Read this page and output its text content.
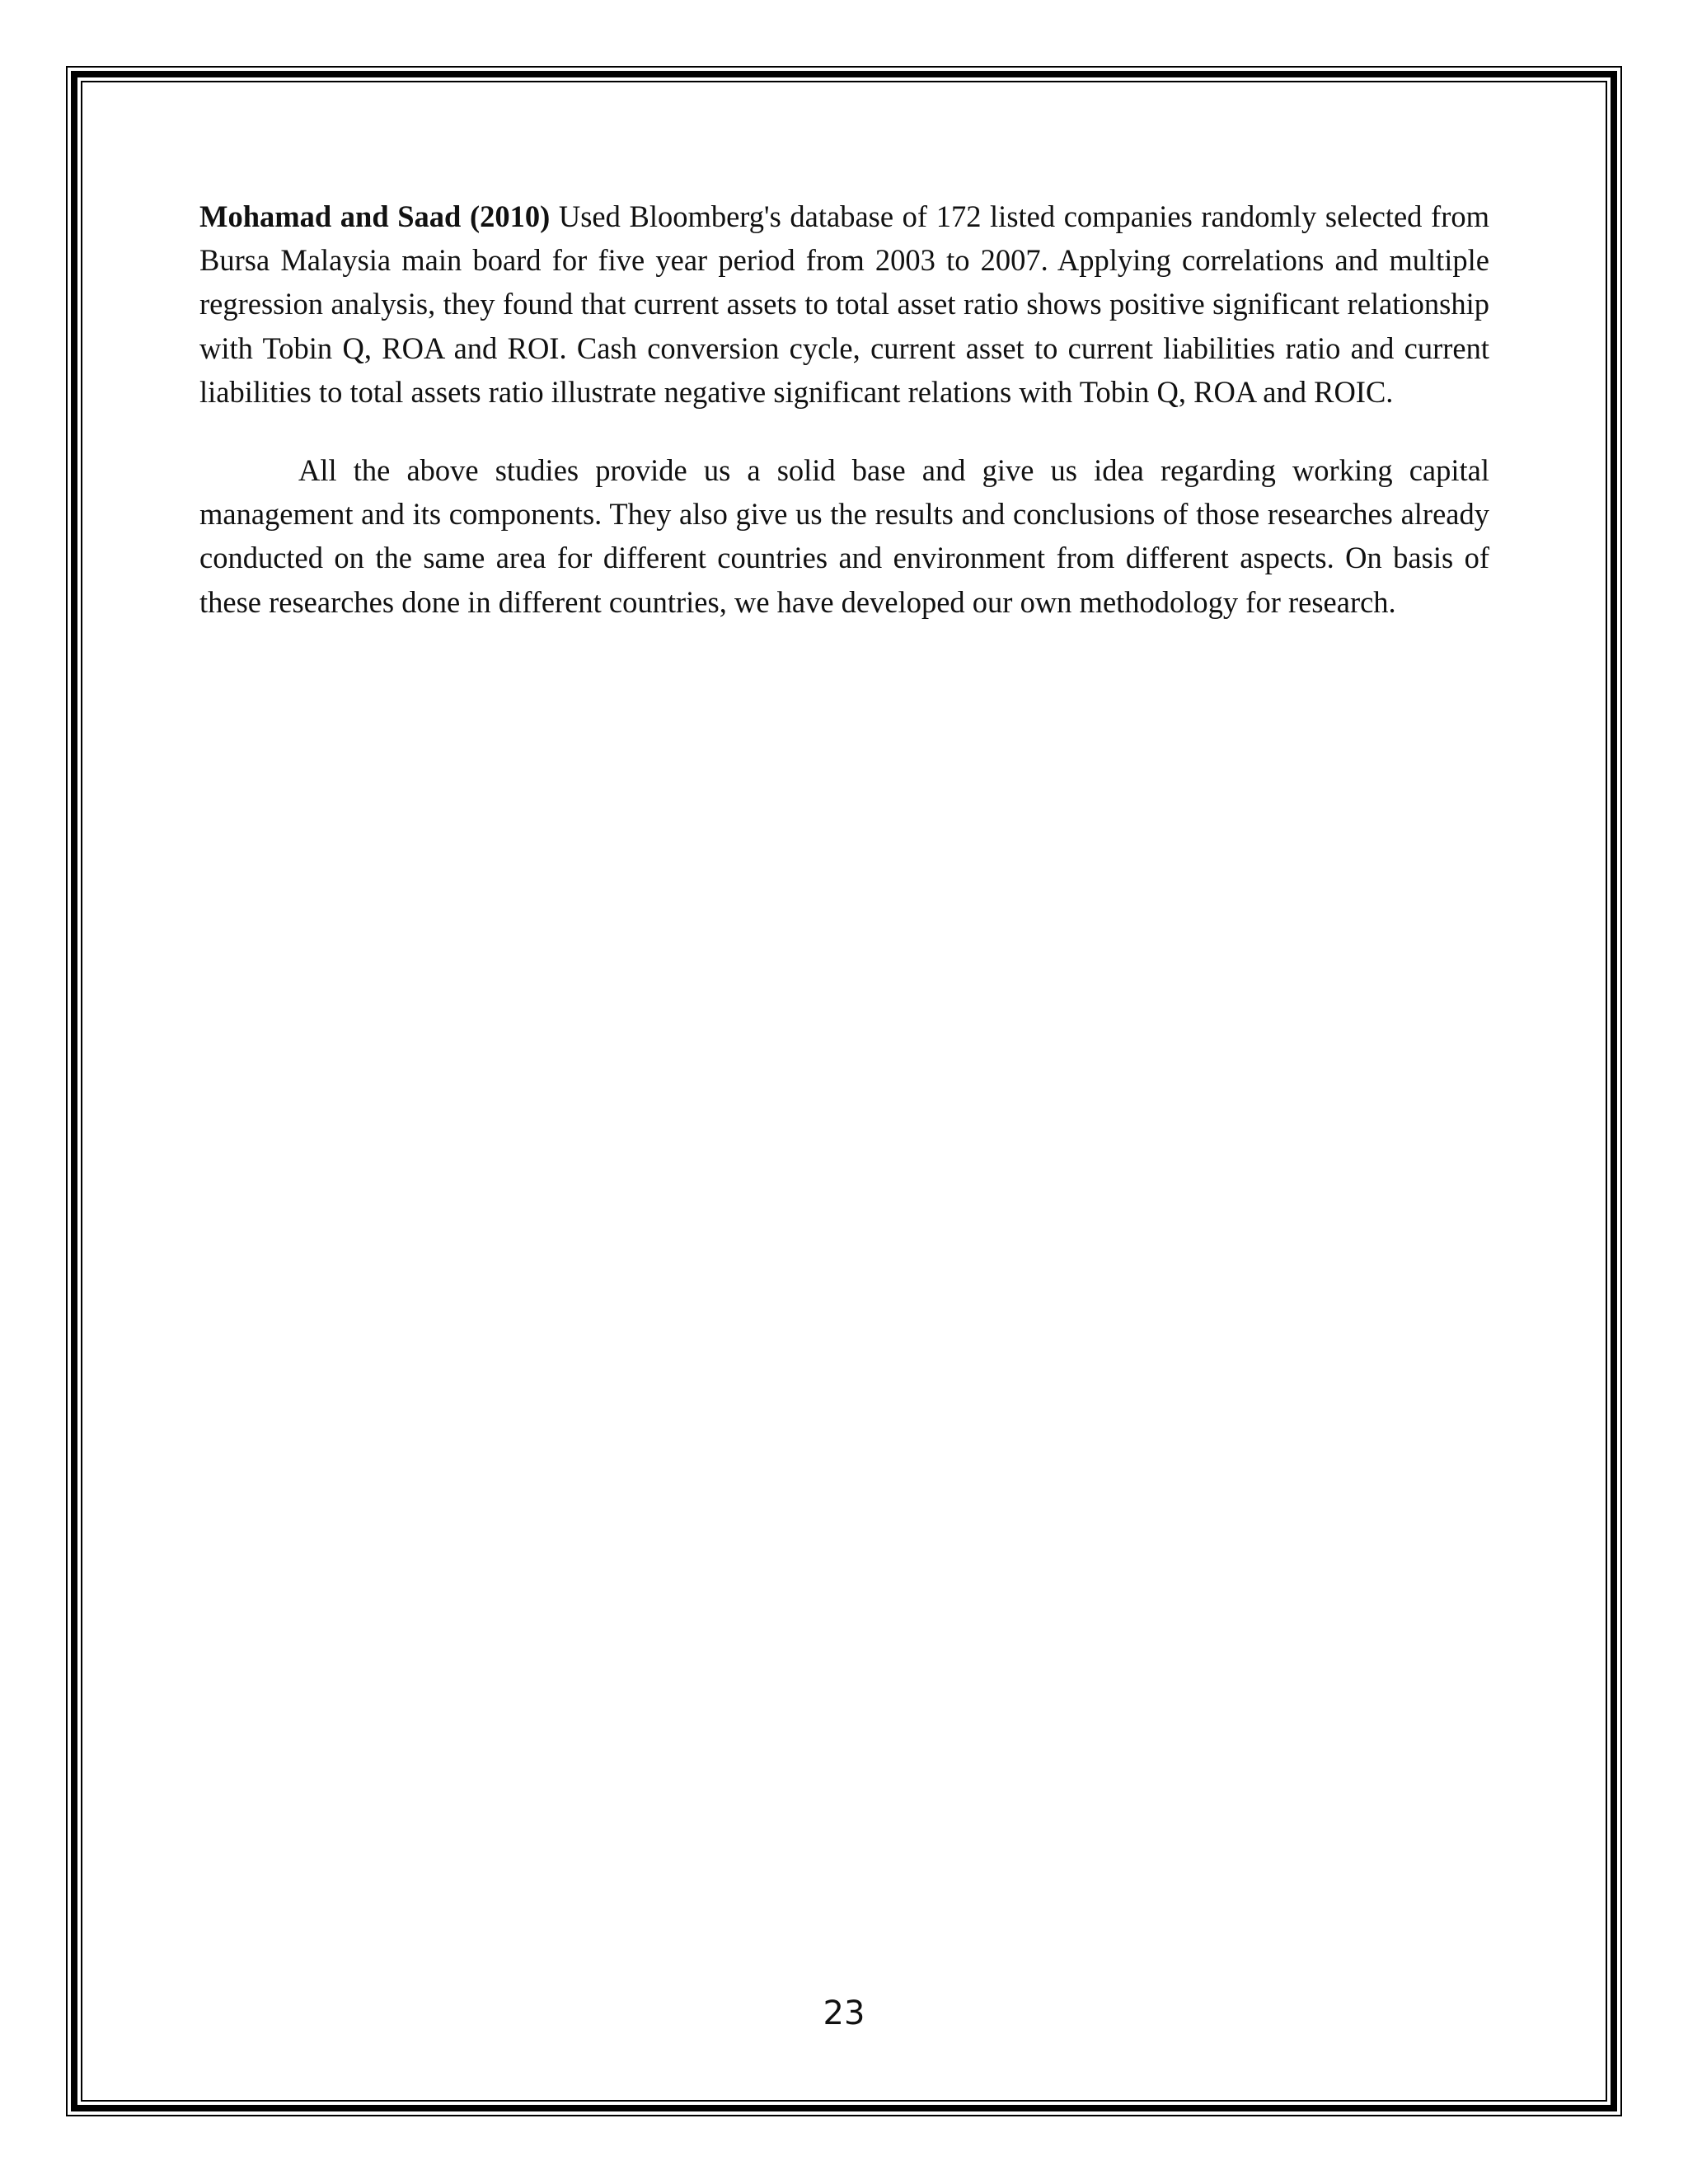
Mohamad and Saad (2010) Used Bloomberg's database of 172 listed companies randomly selected from Bursa Malaysia main board for five year period from 2003 to 2007. Applying correlations and multiple regression analysis, they found that current assets to total asset ratio shows positive significant relationship with Tobin Q, ROA and ROI. Cash conversion cycle, current asset to current liabilities ratio and current liabilities to total assets ratio illustrate negative significant relations with Tobin Q, ROA and ROIC.

All the above studies provide us a solid base and give us idea regarding working capital management and its components. They also give us the results and conclusions of those researches already conducted on the same area for different countries and environment from different aspects. On basis of these researches done in different countries, we have developed our own methodology for research.

23
